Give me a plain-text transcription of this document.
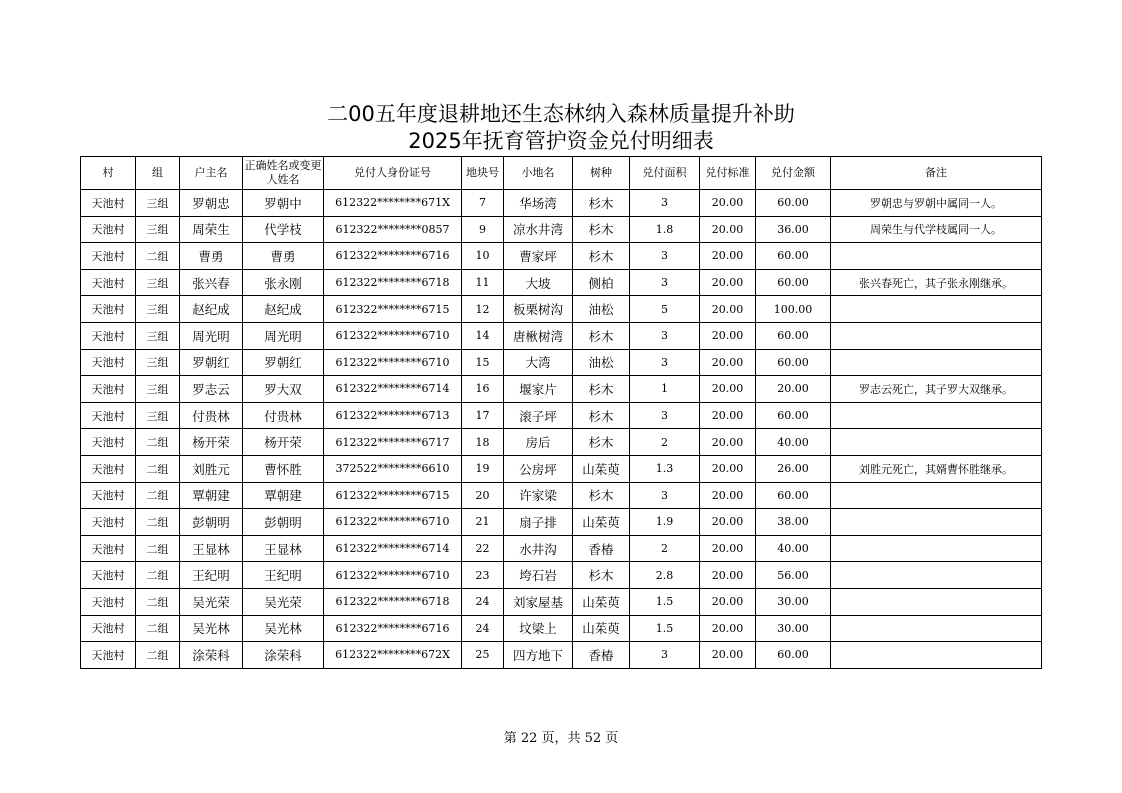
二00五年度退耕地还生态林纳入森林质量提升补助
2025年抚育管护资金兑付明细表
村	组	户主名	正确姓名或变更人姓名	兑付人身份证号	地块号	小地名	树种	兑付面积	兑付标准	兑付金额	备注
天池村	三组	罗朝忠	罗朝中	612322********671X	7	华场湾	杉木	3	20.00	60.00	罗朝忠与罗朝中属同一人。
天池村	三组	周荣生	代学枝	612322********0857	9	凉水井湾	杉木	1.8	20.00	36.00	周荣生与代学枝属同一人。
天池村	二组	曹勇	曹勇	612322********6716	10	曹家坪	杉木	3	20.00	60.00	
天池村	三组	张兴春	张永刚	612322********6718	11	大坡	侧柏	3	20.00	60.00	张兴春死亡，其子张永刚继承。
天池村	三组	赵纪成	赵纪成	612322********6715	12	板栗树沟	油松	5	20.00	100.00	
天池村	三组	周光明	周光明	612322********6710	14	唐楸树湾	杉木	3	20.00	60.00	
天池村	三组	罗朝红	罗朝红	612322********6710	15	大湾	油松	3	20.00	60.00	
天池村	三组	罗志云	罗大双	612322********6714	16	堰家片	杉木	1	20.00	20.00	罗志云死亡，其子罗大双继承。
天池村	三组	付贵林	付贵林	612322********6713	17	滚子坪	杉木	3	20.00	60.00	
天池村	二组	杨开荣	杨开荣	612322********6717	18	房后	杉木	2	20.00	40.00	
天池村	二组	刘胜元	曹怀胜	372522********6610	19	公房坪	山茱萸	1.3	20.00	26.00	刘胜元死亡，其婿曹怀胜继承。
天池村	二组	覃朝建	覃朝建	612322********6715	20	许家梁	杉木	3	20.00	60.00	
天池村	二组	彭朝明	彭朝明	612322********6710	21	扇子排	山茱萸	1.9	20.00	38.00	
天池村	二组	王显林	王显林	612322********6714	22	水井沟	香椿	2	20.00	40.00	
天池村	二组	王纪明	王纪明	612322********6710	23	垮石岩	杉木	2.8	20.00	56.00	
天池村	二组	吴光荣	吴光荣	612322********6718	24	刘家屋基	山茱萸	1.5	20.00	30.00	
天池村	二组	吴光林	吴光林	612322********6716	24	坟梁上	山茱萸	1.5	20.00	30.00	
天池村	二组	涂荣科	涂荣科	612322********672X	25	四方地下	香椿	3	20.00	60.00	
第 22 页，共 52 页
